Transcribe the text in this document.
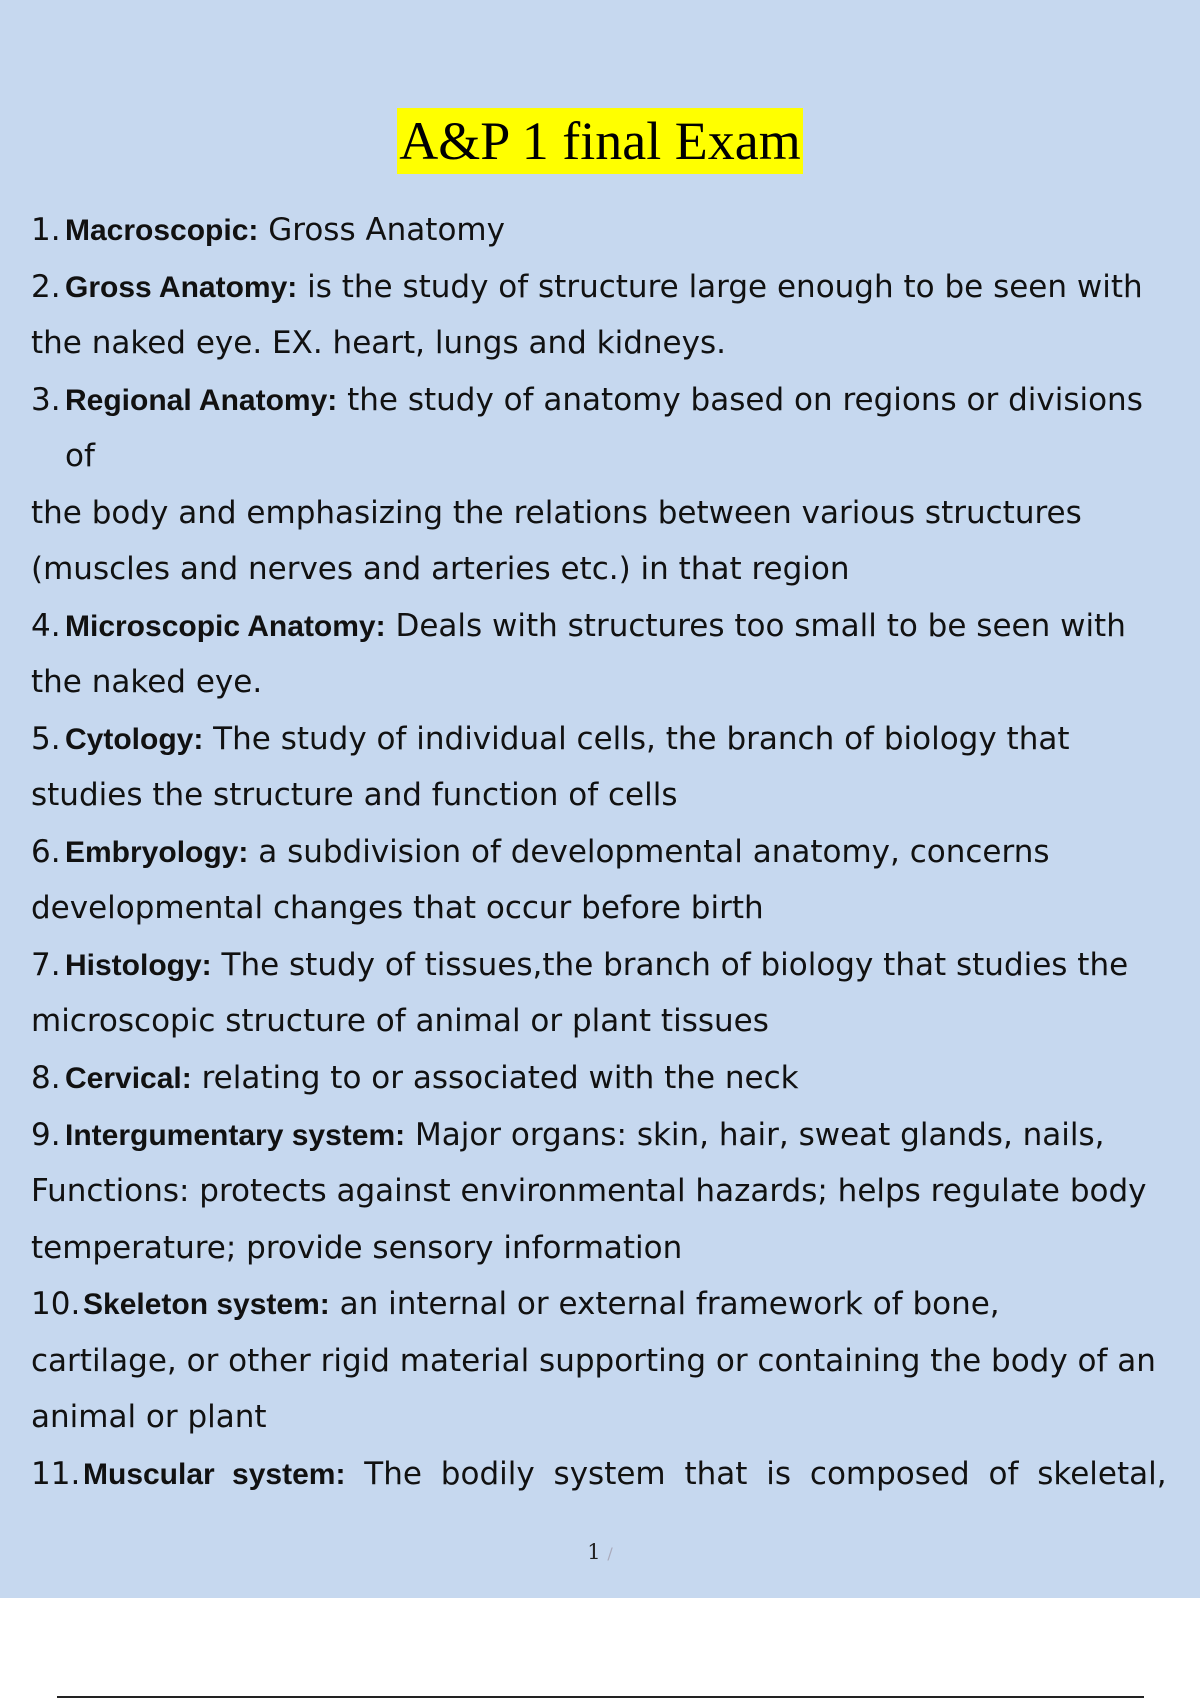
A&P 1 final Exam
1. Macroscopic: Gross Anatomy
2. Gross Anatomy: is the study of structure large enough to be seen with
the naked eye. EX. heart, lungs and kidneys.
3. Regional Anatomy: the study of anatomy based on regions or divisions
of
the body and emphasizing the relations between various structures
(muscles and nerves and arteries etc.) in that region
4. Microscopic Anatomy: Deals with structures too small to be seen with
the naked eye.
5. Cytology: The study of individual cells, the branch of biology that
studies the structure and function of cells
6. Embryology: a subdivision of developmental anatomy, concerns
developmental changes that occur before birth
7. Histology: The study of tissues,the branch of biology that studies the
microscopic structure of animal or plant tissues
8. Cervical: relating to or associated with the neck
9. Intergumentary system: Major organs: skin, hair, sweat glands, nails,
Functions: protects against environmental hazards; helps regulate body
temperature; provide sensory information
10.Skeleton system: an internal or external framework of bone,
cartilage, or other rigid material supporting or containing the body of an
animal or plant
11.Muscular system: The bodily system that is composed of skeletal,
1 /
